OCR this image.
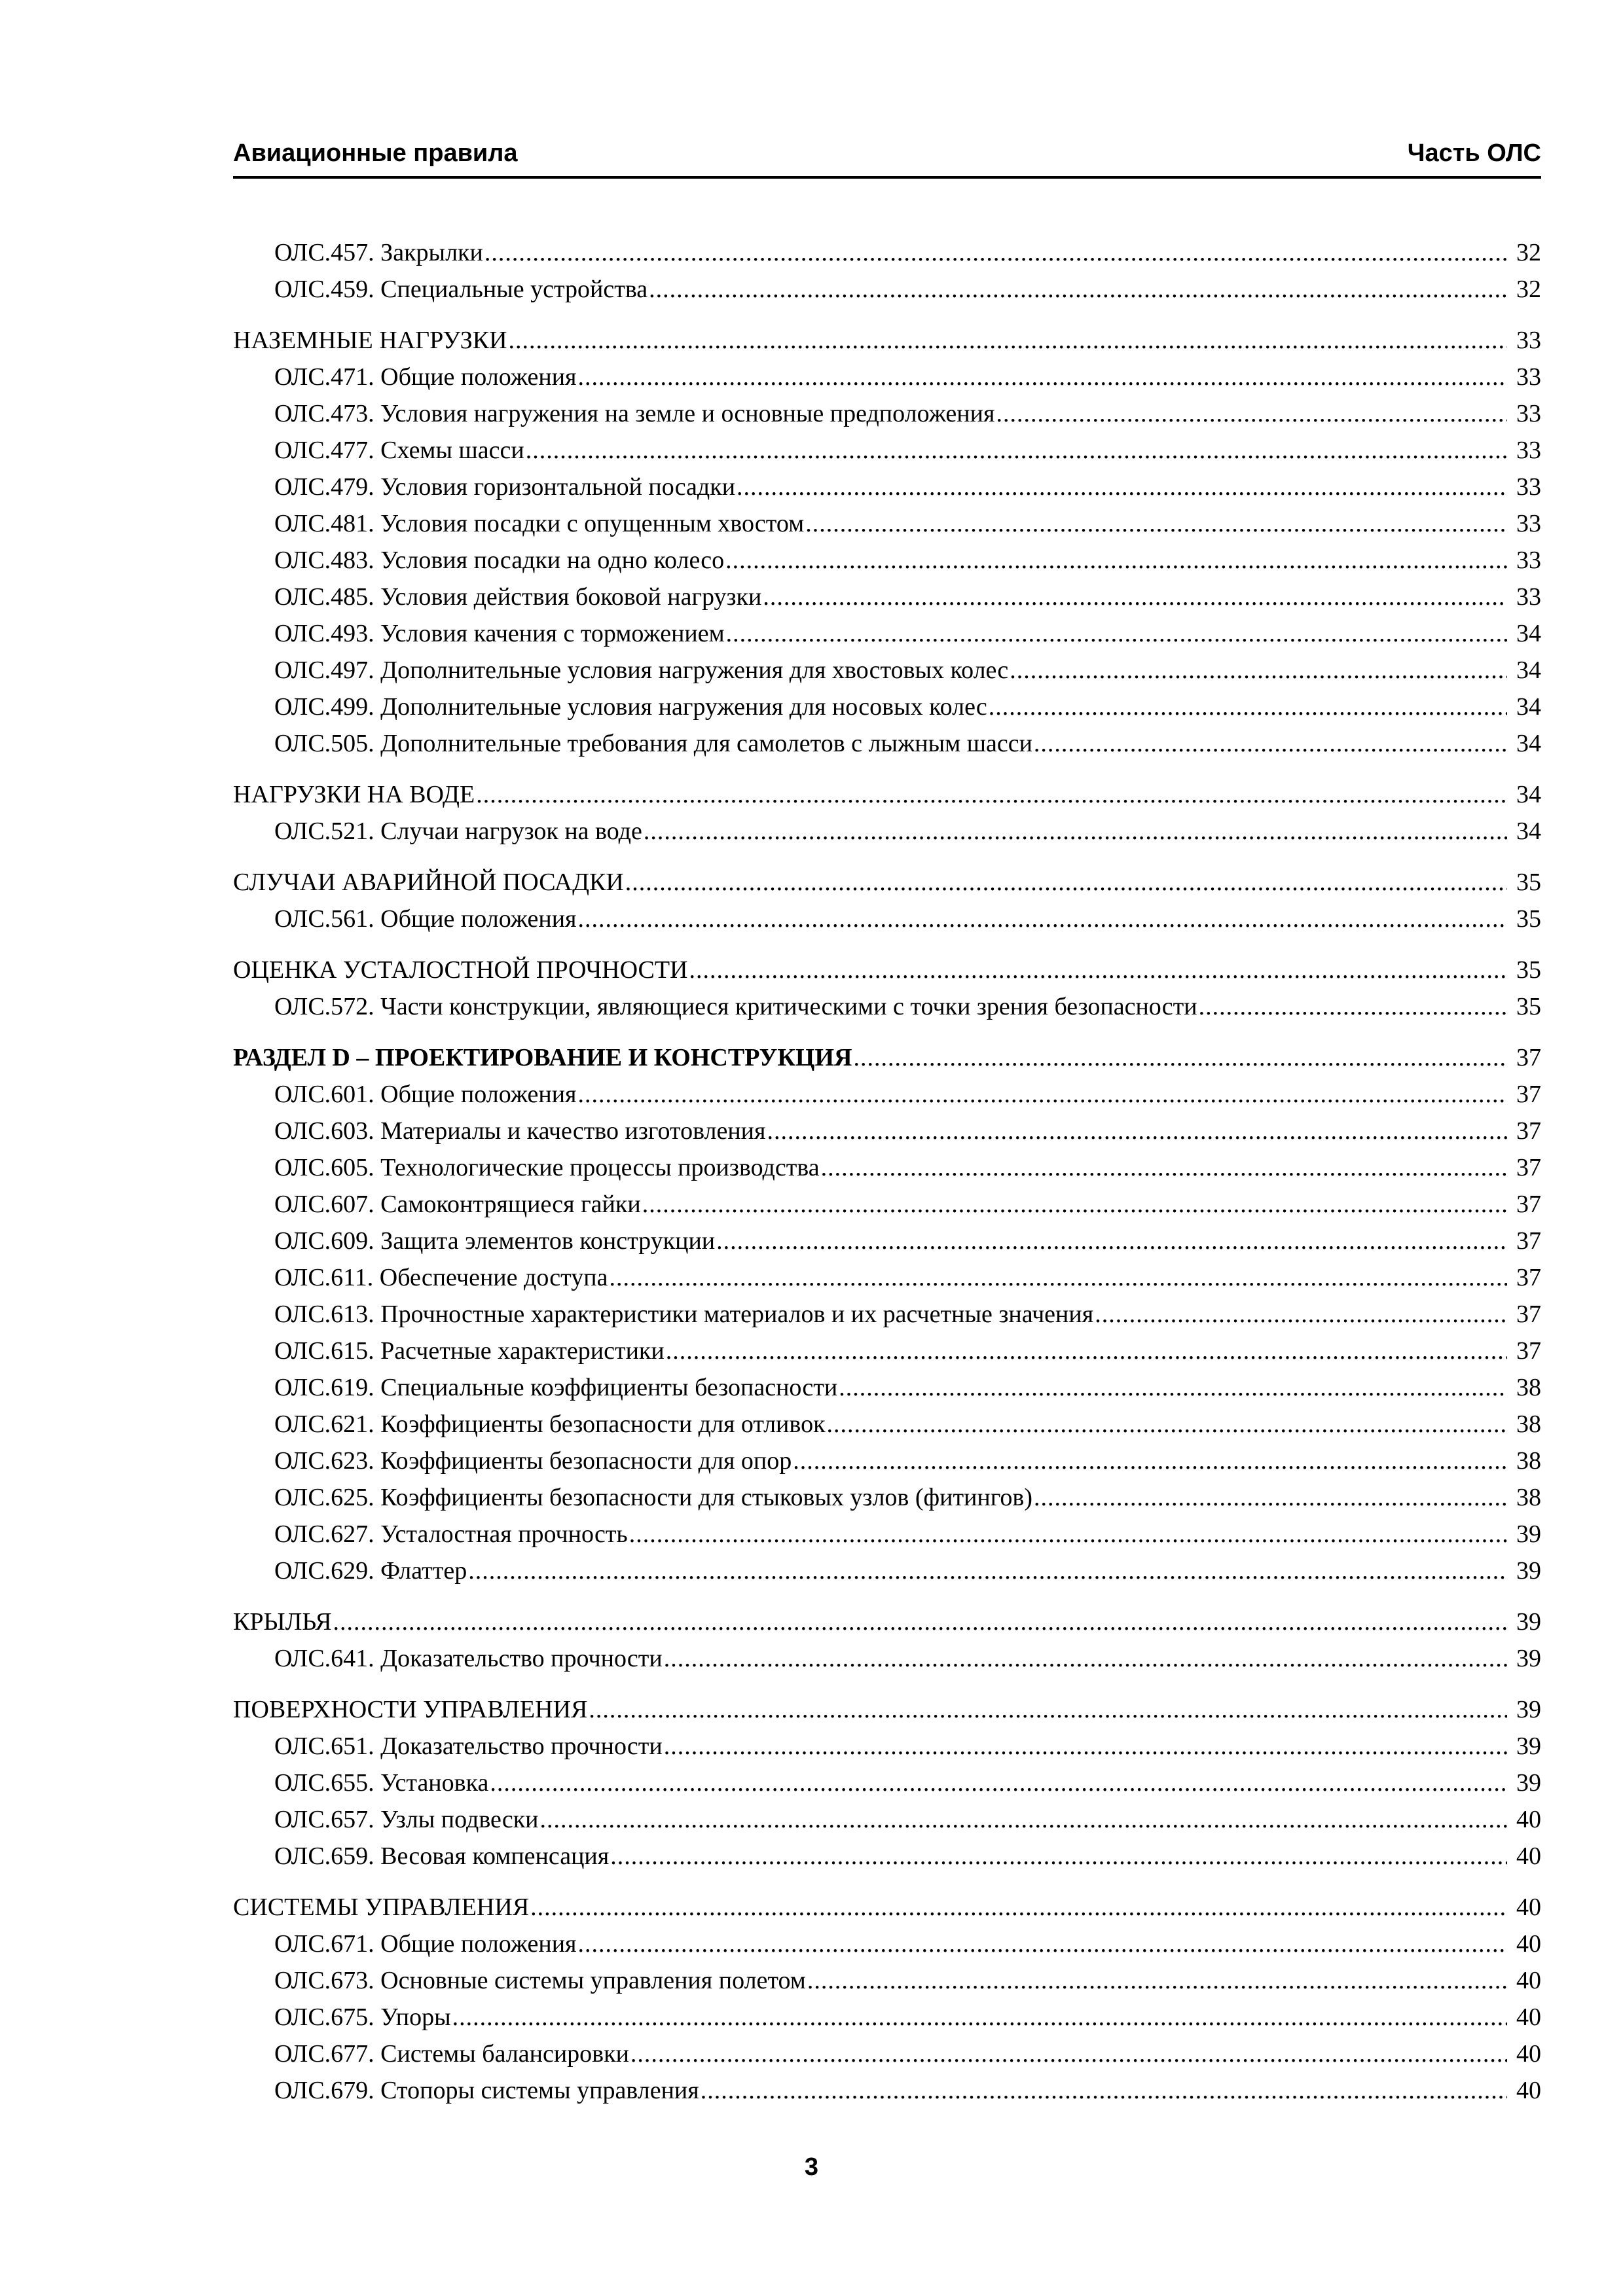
Авиационные правила	Часть ОЛС
ОЛС.457. Закрылки .....	32
ОЛС.459. Специальные устройства .....	32
НАЗЕМНЫЕ НАГРУЗКИ .....	33
ОЛС.471. Общие положения .....	33
ОЛС.473. Условия нагружения на земле и основные предположения .....	33
ОЛС.477. Схемы шасси .....	33
ОЛС.479. Условия горизонтальной посадки .....	33
ОЛС.481. Условия посадки с опущенным хвостом .....	33
ОЛС.483. Условия посадки на одно колесо .....	33
ОЛС.485. Условия действия боковой нагрузки .....	33
ОЛС.493. Условия качения с торможением .....	34
ОЛС.497. Дополнительные условия нагружения для хвостовых колес .....	34
ОЛС.499. Дополнительные условия нагружения для носовых колес .....	34
ОЛС.505. Дополнительные требования для самолетов с лыжным шасси .....	34
НАГРУЗКИ НА ВОДЕ .....	34
ОЛС.521. Случаи нагрузок на воде .....	34
СЛУЧАИ АВАРИЙНОЙ ПОСАДКИ .....	35
ОЛС.561. Общие положения .....	35
ОЦЕНКА УСТАЛОСТНОЙ ПРОЧНОСТИ .....	35
ОЛС.572. Части конструкции, являющиеся критическими с точки зрения безопасности .....	35
РАЗДЕЛ D – ПРОЕКТИРОВАНИЕ И КОНСТРУКЦИЯ .....	37
ОЛС.601. Общие положения .....	37
ОЛС.603. Материалы и качество изготовления .....	37
ОЛС.605. Технологические процессы производства .....	37
ОЛС.607. Самоконтрящиеся гайки .....	37
ОЛС.609. Защита элементов конструкции .....	37
ОЛС.611. Обеспечение доступа .....	37
ОЛС.613. Прочностные характеристики материалов и их расчетные значения .....	37
ОЛС.615. Расчетные характеристики .....	37
ОЛС.619. Специальные коэффициенты безопасности .....	38
ОЛС.621. Коэффициенты безопасности для отливок .....	38
ОЛС.623. Коэффициенты безопасности для опор .....	38
ОЛС.625. Коэффициенты безопасности для стыковых узлов (фитингов) .....	38
ОЛС.627. Усталостная прочность .....	39
ОЛС.629. Флаттер .....	39
КРЫЛЬЯ .....	39
ОЛС.641. Доказательство прочности .....	39
ПОВЕРХНОСТИ УПРАВЛЕНИЯ .....	39
ОЛС.651. Доказательство прочности .....	39
ОЛС.655. Установка .....	39
ОЛС.657. Узлы подвески .....	40
ОЛС.659. Весовая компенсация .....	40
СИСТЕМЫ УПРАВЛЕНИЯ .....	40
ОЛС.671. Общие положения .....	40
ОЛС.673. Основные системы управления полетом .....	40
ОЛС.675. Упоры .....	40
ОЛС.677. Системы балансировки .....	40
ОЛС.679. Стопоры системы управления .....	40
3
